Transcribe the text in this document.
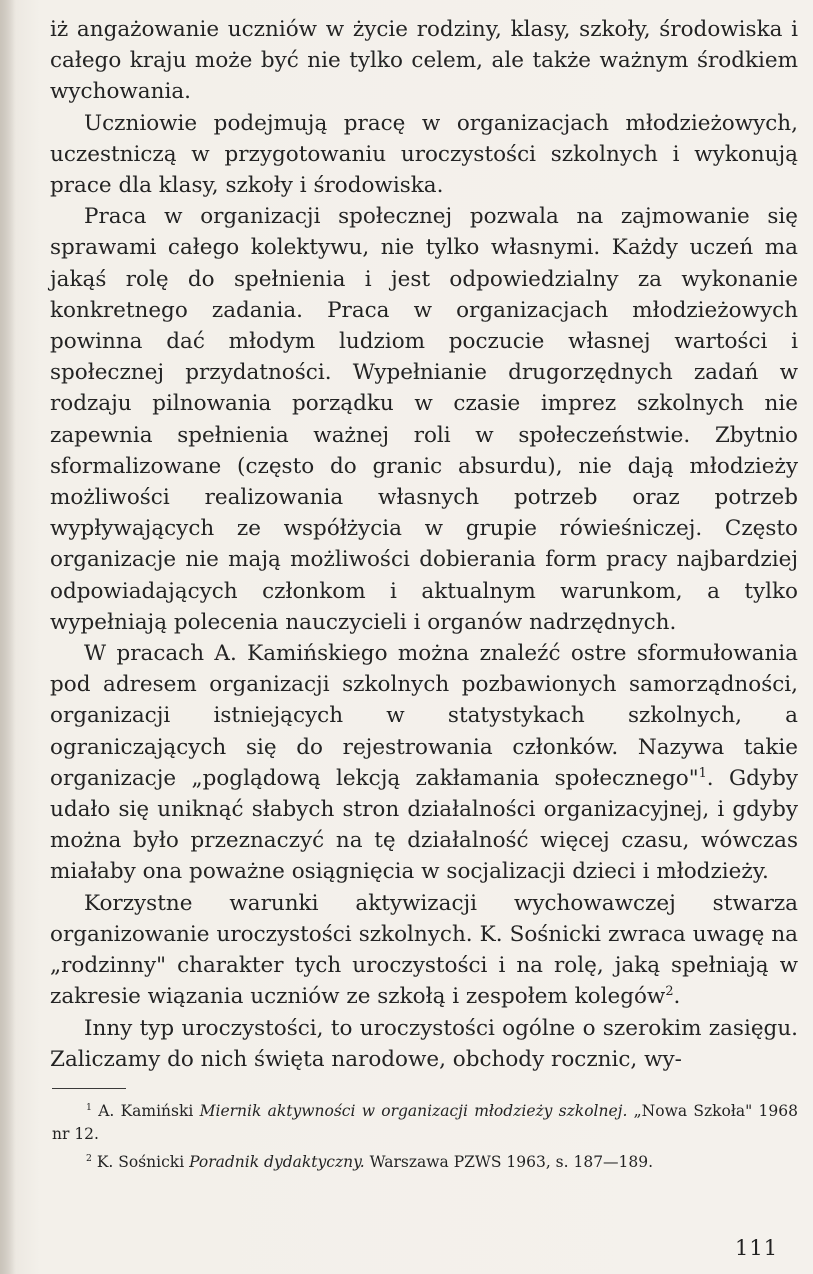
iż angażowanie uczniów w życie rodziny, klasy, szkoły, środowiska i całego kraju może być nie tylko celem, ale także ważnym środkiem wychowania.

Uczniowie podejmują pracę w organizacjach młodzieżowych, uczestniczą w przygotowaniu uroczystości szkolnych i wykonują prace dla klasy, szkoły i środowiska.

Praca w organizacji społecznej pozwala na zajmowanie się sprawami całego kolektywu, nie tylko własnymi. Każdy uczeń ma jakąś rolę do spełnienia i jest odpowiedzialny za wykonanie konkretnego zadania. Praca w organizacjach młodzieżowych powinna dać młodym ludziom poczucie własnej wartości i społecznej przydatności. Wypełnianie drugorzędnych zadań w rodzaju pilnowania porządku w czasie imprez szkolnych nie zapewnia spełnienia ważnej roli w społeczeństwie. Zbytnio sformalizowane (często do granic absurdu), nie dają młodzieży możliwości realizowania własnych potrzeb oraz potrzeb wypływających ze współżycia w grupie rówieśniczej. Często organizacje nie mają możliwości dobierania form pracy najbardziej odpowiadających członkom i aktualnym warunkom, a tylko wypełniają polecenia nauczycieli i organów nadrzędnych.

W pracach A. Kamińskiego można znaleźć ostre sformułowania pod adresem organizacji szkolnych pozbawionych samorządności, organizacji istniejących w statystykach szkolnych, a ograniczających się do rejestrowania członków. Nazywa takie organizacje „poglądową lekcją zakłamania społecznego"$^1$. Gdyby udało się uniknąć słabych stron działalności organizacyjnej, i gdyby można było przeznaczyć na tę działalność więcej czasu, wówczas miałaby ona poważne osiągnięcia w socjalizacji dzieci i młodzieży.

Korzystne warunki aktywizacji wychowawczej stwarza organizowanie uroczystości szkolnych. K. Sośnicki zwraca uwagę na „rodzinny" charakter tych uroczystości i na rolę, jaką spełniają w zakresie wiązania uczniów ze szkołą i zespołem kolegów$^2$.

Inny typ uroczystości, to uroczystości ogólne o szerokim zasięgu. Zaliczamy do nich święta narodowe, obchody rocznic, wy-

$^1$ A. Kamiński Miernik aktywności w organizacji młodzieży szkolnej. „Nowa Szkoła" 1968 nr 12.

$^2$ K. Sośnicki Poradnik dydaktyczny. Warszawa PZWS 1963, s. 187—189.

111
